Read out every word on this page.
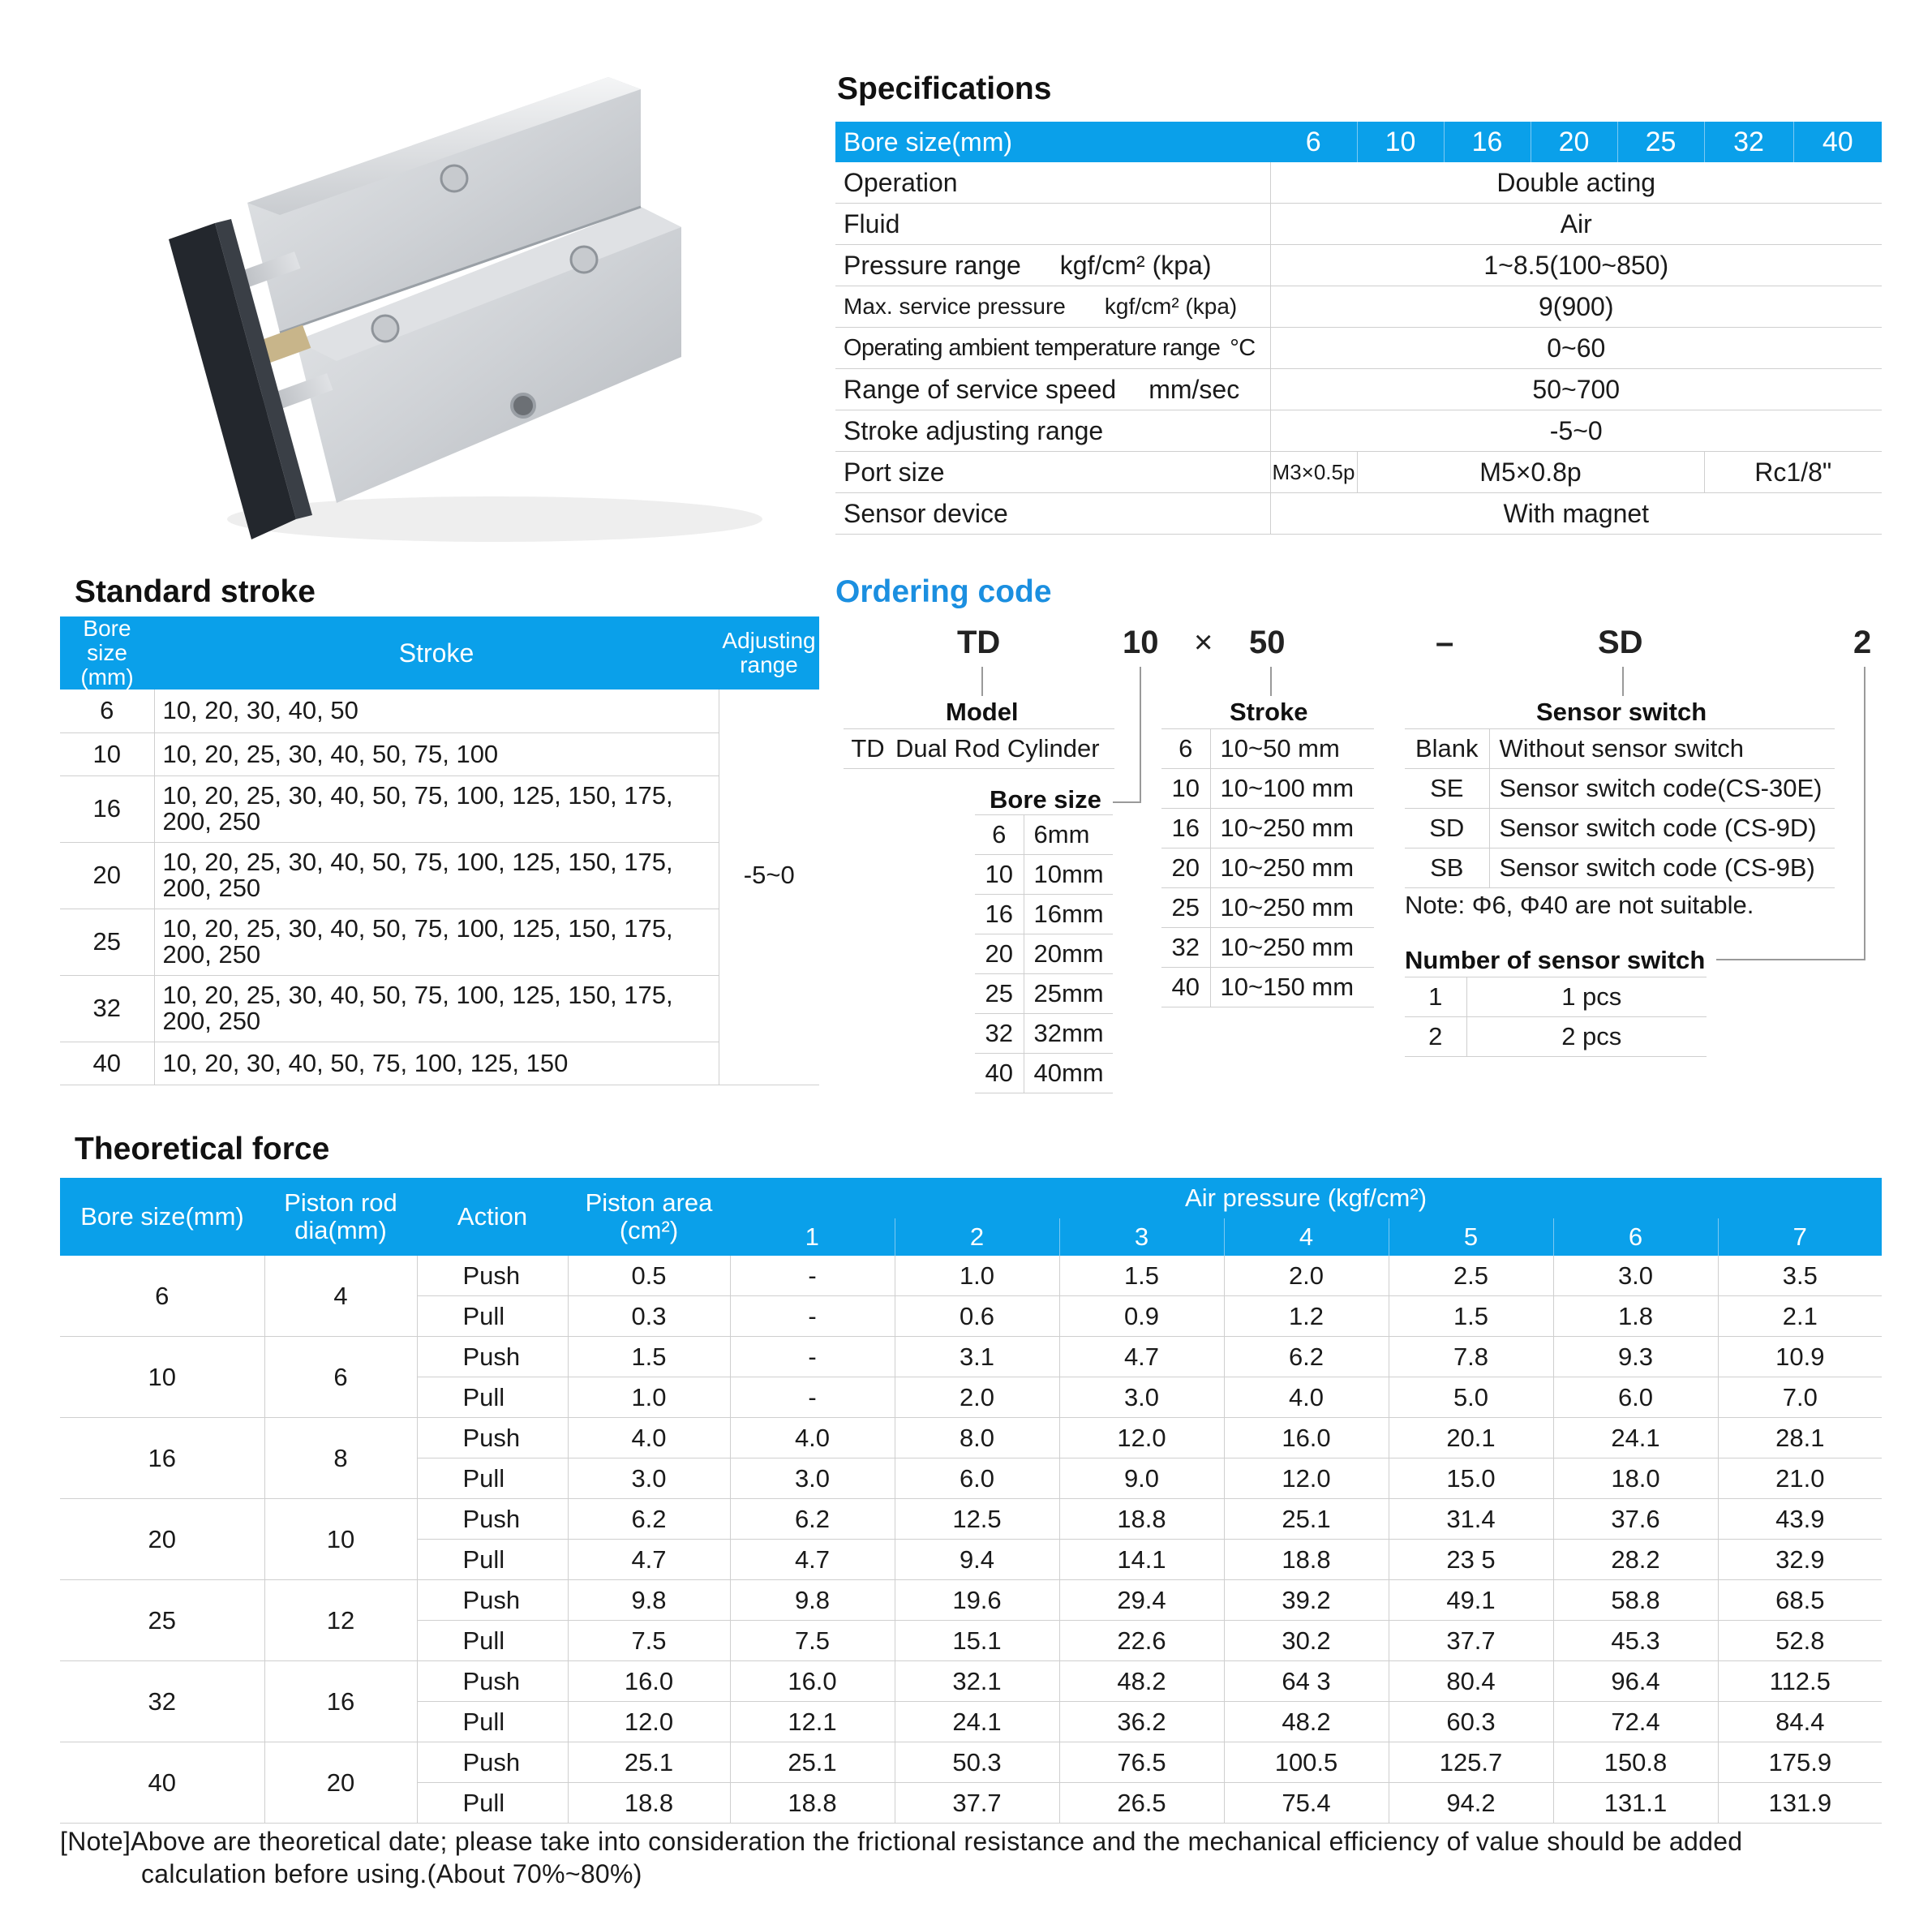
Specifications
Bore size(mm)	6	10	16	20	25	32	40
Operation	Double acting						
Fluid	Air						
Pressure range kgf/cm² (kpa)	1~8.5(100~850)						
Max. service pressure kgf/cm² (kpa)	9(900)						
Operating ambient temperature range °C	0~60						
Range of service speed mm/sec	50~700						
Stroke adjusting range	-5~0						
Port size	M3×0.5p	M5×0.8p				Rc1/8"	
Sensor device	With magnet						
Standard stroke
Bore size (mm)	Stroke	Adjusting range
6	10, 20, 30, 40, 50	
10	10, 20, 25, 30, 40, 50, 75, 100	
16	10, 20, 25, 30, 40, 50, 75, 100, 125, 150, 175, 200, 250	
20	10, 20, 25, 30, 40, 50, 75, 100, 125, 150, 175, 200, 250	-5~0
25	10, 20, 25, 30, 40, 50, 75, 100, 125, 150, 175, 200, 250	
32	10, 20, 25, 30, 40, 50, 75, 100, 125, 150, 175, 200, 250	
40	10, 20, 30, 40, 50, 75, 100, 125, 150	
Ordering code
TD	10 × 50	–	SD	2
Model
TD	Dual Rod Cylinder
Bore size
6	6mm
10	10mm
16	16mm
20	20mm
25	25mm
32	32mm
40	40mm
Stroke
6	10~50 mm
10	10~100 mm
16	10~250 mm
20	10~250 mm
25	10~250 mm
32	10~250 mm
40	10~150 mm
Sensor switch
Blank	Without sensor switch
SE	Sensor switch code(CS-30E)
SD	Sensor switch code (CS-9D)
SB	Sensor switch code (CS-9B)
Note: Φ6, Φ40 are not suitable.
Number of sensor switch
1	1 pcs
2	2 pcs
Theoretical force
Bore size(mm)	Piston rod dia(mm)	Action	Piston area (cm²)	Air pressure (kgf/cm²)						
				1	2	3	4	5	6	7
6	4	Push	0.5	-	1.0	1.5	2.0	2.5	3.0	3.5
		Pull	0.3	-	0.6	0.9	1.2	1.5	1.8	2.1
10	6	Push	1.5	-	3.1	4.7	6.2	7.8	9.3	10.9
		Pull	1.0	-	2.0	3.0	4.0	5.0	6.0	7.0
16	8	Push	4.0	4.0	8.0	12.0	16.0	20.1	24.1	28.1
		Pull	3.0	3.0	6.0	9.0	12.0	15.0	18.0	21.0
20	10	Push	6.2	6.2	12.5	18.8	25.1	31.4	37.6	43.9
		Pull	4.7	4.7	9.4	14.1	18.8	23 5	28.2	32.9
25	12	Push	9.8	9.8	19.6	29.4	39.2	49.1	58.8	68.5
		Pull	7.5	7.5	15.1	22.6	30.2	37.7	45.3	52.8
32	16	Push	16.0	16.0	32.1	48.2	64 3	80.4	96.4	112.5
		Pull	12.0	12.1	24.1	36.2	48.2	60.3	72.4	84.4
40	20	Push	25.1	25.1	50.3	76.5	100.5	125.7	150.8	175.9
		Pull	18.8	18.8	37.7	26.5	75.4	94.2	131.1	131.9
[Note]Above are theoretical date; please take into consideration the frictional resistance and the mechanical efficiency of value should be added
calculation before using.(About 70%~80%)
